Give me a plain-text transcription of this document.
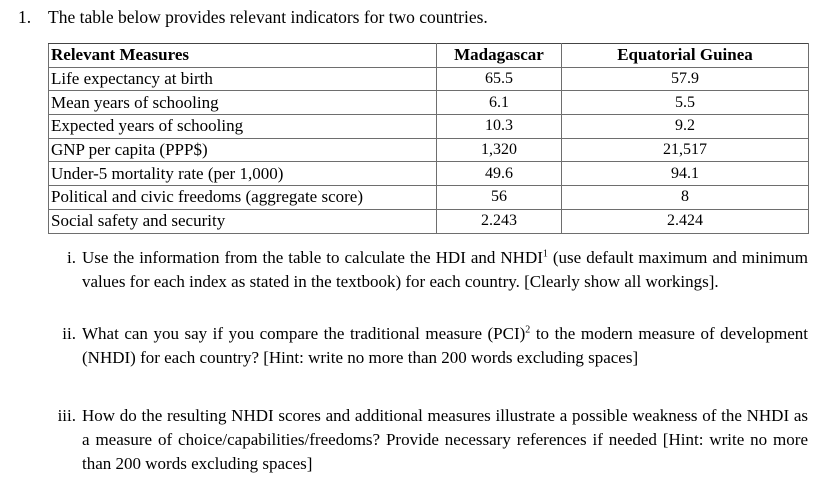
1. The table below provides relevant indicators for two countries.
Relevant Measures	Madagascar	Equatorial Guinea
Life expectancy at birth	65.5	57.9
Mean years of schooling	6.1	5.5
Expected years of schooling	10.3	9.2
GNP per capita (PPP$)	1,320	21,517
Under-5 mortality rate (per 1,000)	49.6	94.1
Political and civic freedoms (aggregate score)	56	8
Social safety and security	2.243	2.424
i. Use the information from the table to calculate the HDI and NHDI$^1$ (use default maximum and minimum values for each index as stated in the textbook) for each country. [Clearly show all workings].
ii. What can you say if you compare the traditional measure (PCI)$^2$ to the modern measure of development (NHDI) for each country? [Hint: write no more than 200 words excluding spaces]
iii. How do the resulting NHDI scores and additional measures illustrate a possible weakness of the NHDI as a measure of choice/capabilities/freedoms? Provide necessary references if needed [Hint: write no more than 200 words excluding spaces]
